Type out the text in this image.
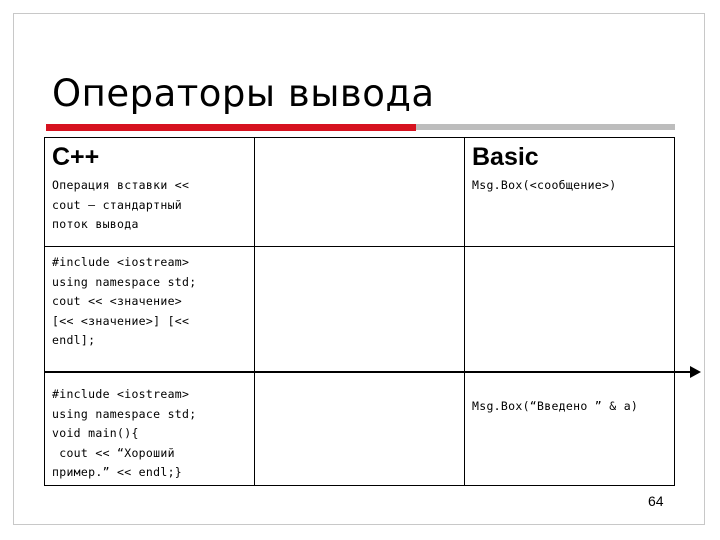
Операторы вывода
C++	Basic
Операция вставки <<
cout – стандартный
поток вывода
Msg.Box(<сообщение>)
#include <iostream>
using namespace std;
cout << <значение>
[<< <значение>] [<<
endl];
#include <iostream>
using namespace std;
void main(){
cout << “Хороший
пример.” << endl;}
Msg.Box(“Введено ” & a)
64
